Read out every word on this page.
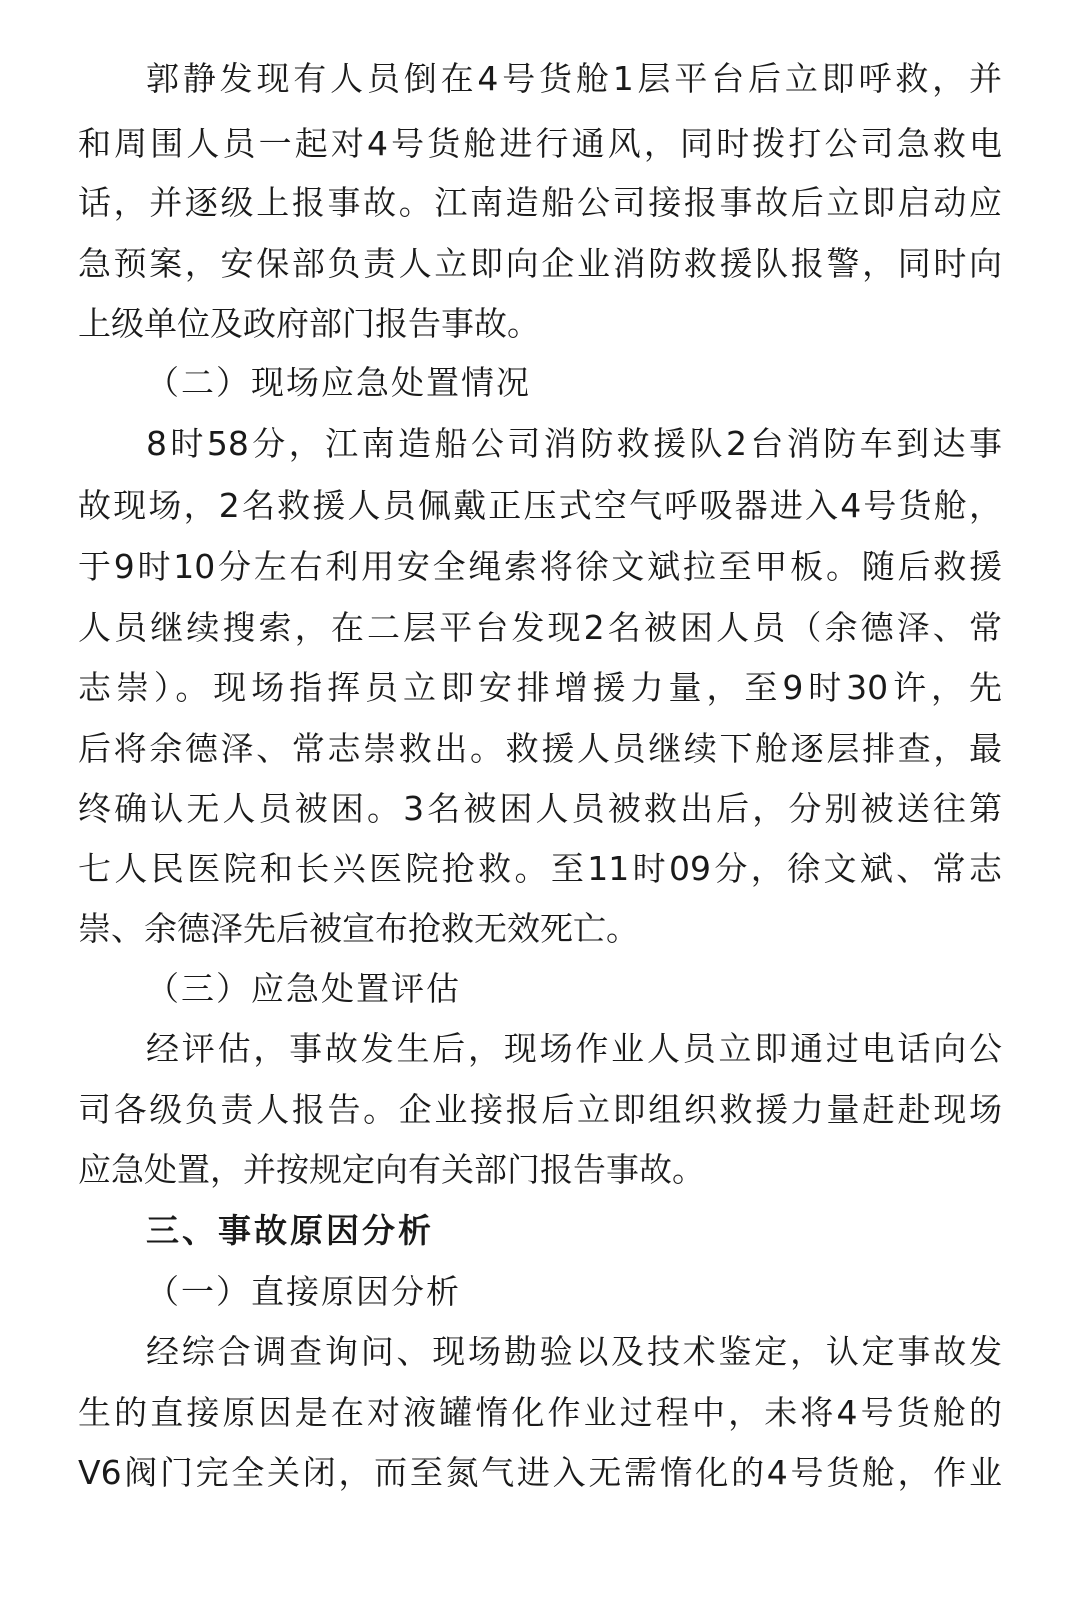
郭静发现有人员倒在4号货舱1层平台后立即呼救，并
和周围人员一起对4号货舱进行通风，同时拨打公司急救电
话，并逐级上报事故。江南造船公司接报事故后立即启动应
急预案，安保部负责人立即向企业消防救援队报警，同时向
上级单位及政府部门报告事故。
（二）现场应急处置情况
8时58分，江南造船公司消防救援队2台消防车到达事
故现场，2名救援人员佩戴正压式空气呼吸器进入4号货舱，
于9时10分左右利用安全绳索将徐文斌拉至甲板。随后救援
人员继续搜索，在二层平台发现2名被困人员（余德泽、常
志崇）。现场指挥员立即安排增援力量，至9时30许，先
后将余德泽、常志崇救出。救援人员继续下舱逐层排查，最
终确认无人员被困。3名被困人员被救出后，分别被送往第
七人民医院和长兴医院抢救。至11时09分，徐文斌、常志
崇、余德泽先后被宣布抢救无效死亡。
（三）应急处置评估
经评估，事故发生后，现场作业人员立即通过电话向公
司各级负责人报告。企业接报后立即组织救援力量赶赴现场
应急处置，并按规定向有关部门报告事故。
三、事故原因分析
（一）直接原因分析
经综合调查询问、现场勘验以及技术鉴定，认定事故发
生的直接原因是在对液罐惰化作业过程中，未将4号货舱的
V6阀门完全关闭，而至氮气进入无需惰化的4号货舱，作业
